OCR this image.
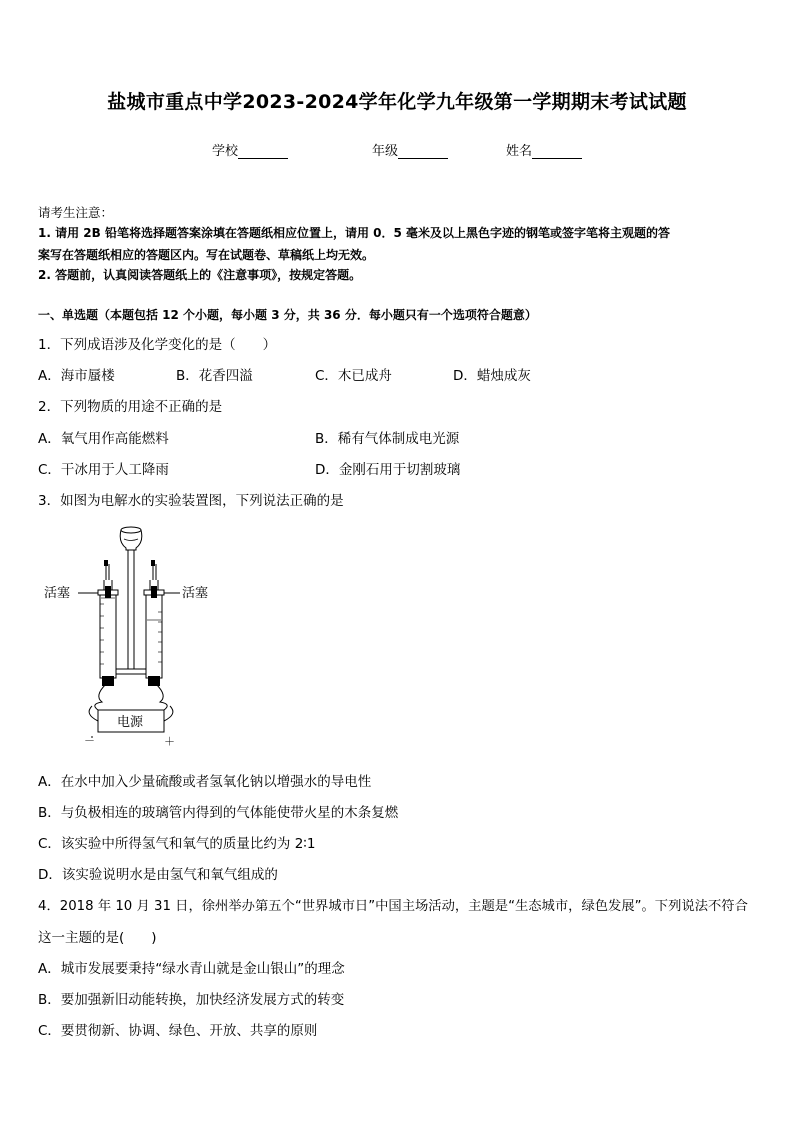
盐城市重点中学2023-2024学年化学九年级第一学期期末考试试题
学校	年级	姓名
请考生注意：
1. 请用 2B 铅笔将选择题答案涂填在答题纸相应位置上，请用 0．5 毫米及以上黑色字迹的钢笔或签字笔将主观题的答
案写在答题纸相应的答题区内。写在试题卷、草稿纸上均无效。
2. 答题前，认真阅读答题纸上的《注意事项》，按规定答题。
一、单选题（本题包括 12 个小题，每小题 3 分，共 36 分．每小题只有一个选项符合题意）
1．下列成语涉及化学变化的是（　　）
A．海市蜃楼	B．花香四溢	C．木已成舟	D．蜡烛成灰
2．下列物质的用途不正确的是
A．氧气用作高能燃料	B．稀有气体制成电光源
C．干冰用于人工降雨	D．金刚石用于切割玻璃
3．如图为电解水的实验装置图，下列说法正确的是
活塞	活塞
电源
－	＋
A．在水中加入少量硫酸或者氢氧化钠以增强水的导电性
B．与负极相连的玻璃管内得到的气体能使带火星的木条复燃
C．该实验中所得氢气和氧气的质量比约为 2∶1
D．该实验说明水是由氢气和氧气组成的
4．2018 年 10 月 31 日，徐州举办第五个“世界城市日”中国主场活动，主题是“生态城市，绿色发展”。下列说法不符合
这一主题的是(　　)
A．城市发展要秉持“绿水青山就是金山银山”的理念
B．要加强新旧动能转换，加快经济发展方式的转变
C．要贯彻新、协调、绿色、开放、共享的原则
